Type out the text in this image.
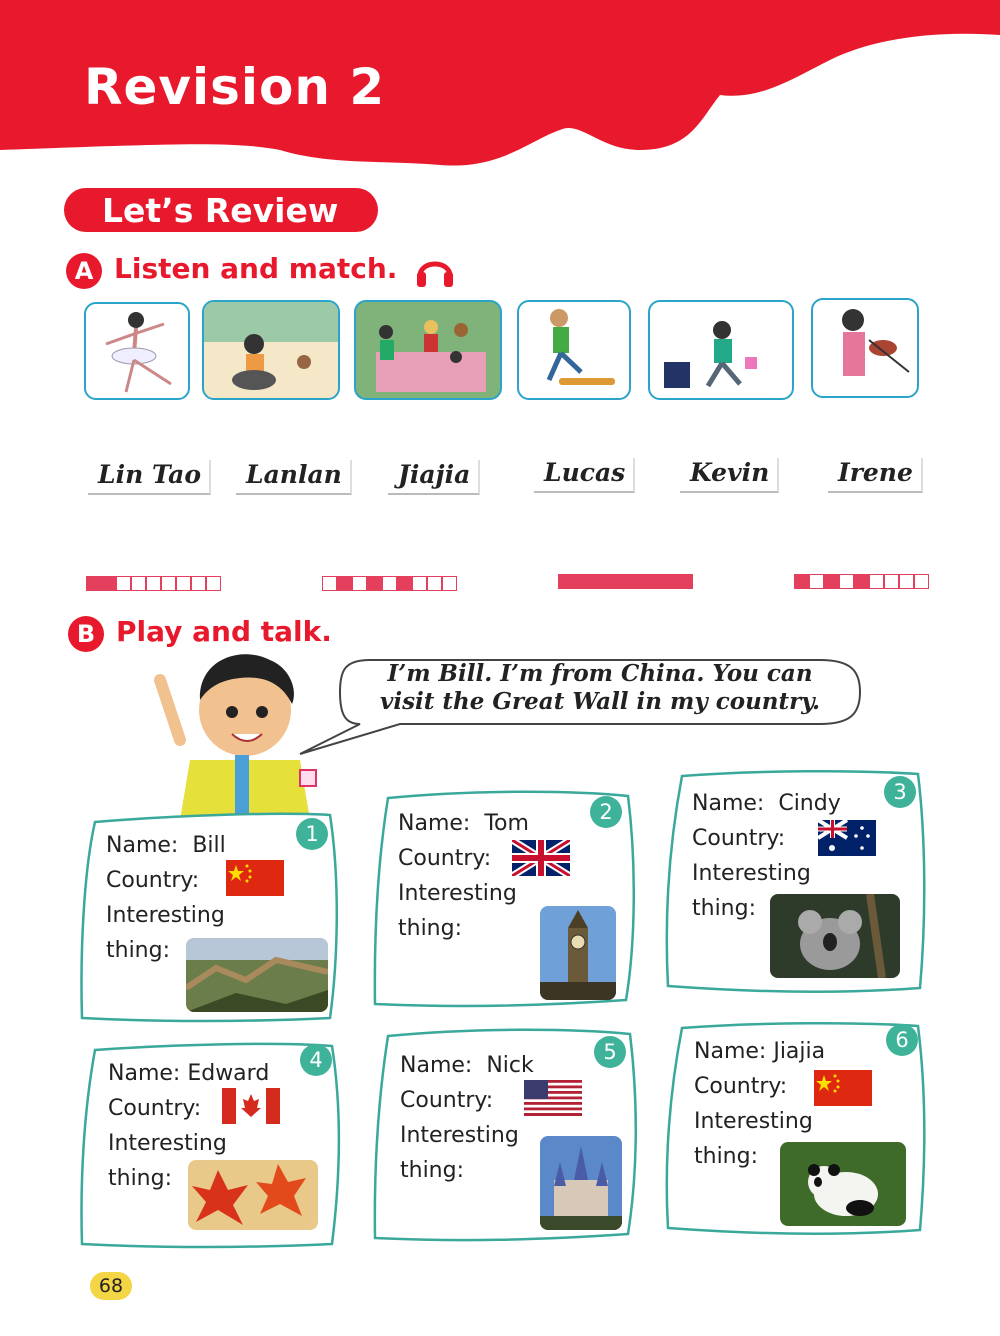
Revision 2
Let’s Review
A Listen and match.
Lin Tao	Lanlan	Jiajia	Lucas	Kevin	Irene
B Play and talk.
I’m Bill. I’m from China. You can
visit the Great Wall in my country.
1
2
3
4	5	6
Name: Bill
Country:
Interesting
thing:
Name: Tom
Country:
Interesting
thing:
Name: Cindy
Country:
Interesting
thing:
Name: Edward
Country:
Interesting
thing:
Name: Nick
Country:
Interesting
thing:
Name: Jiajia
Country:
Interesting
thing:
68
